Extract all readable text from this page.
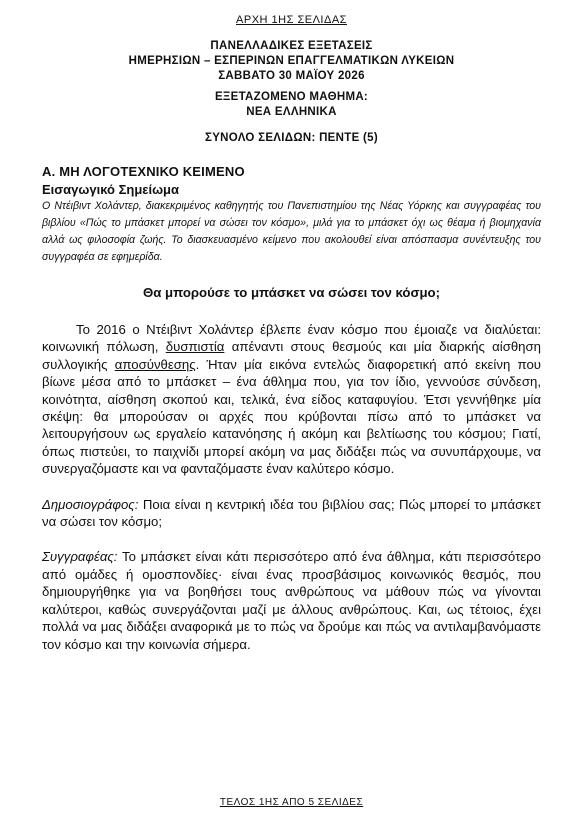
ΑΡΧΗ 1ΗΣ ΣΕΛΙΔΑΣ
ΠΑΝΕΛΛΑΔΙΚΕΣ ΕΞΕΤΑΣΕΙΣ
ΗΜΕΡΗΣΙΩΝ – ΕΣΠΕΡΙΝΩΝ ΕΠΑΓΓΕΛΜΑΤΙΚΩΝ ΛΥΚΕΙΩΝ
ΣΑΒΒΑΤΟ 30 ΜΑΪΟΥ 2026
ΕΞΕΤΑΖΟΜΕΝΟ ΜΑΘΗΜΑ:
ΝΕΑ ΕΛΛΗΝΙΚΑ
ΣΥΝΟΛΟ ΣΕΛΙΔΩΝ: ΠΕΝΤΕ (5)
Α. ΜΗ ΛΟΓΟΤΕΧΝΙΚΟ ΚΕΙΜΕΝΟ
Εισαγωγικό Σημείωμα
Ο Ντέιβιντ Χολάντερ, διακεκριμένος καθηγητής του Πανεπιστημίου της Νέας Υόρκης και συγγραφέας του βιβλίου «Πώς το μπάσκετ μπορεί να σώσει τον κόσμο», μιλά για το μπάσκετ όχι ως θέαμα ή βιομηχανία αλλά ως φιλοσοφία ζωής. Το διασκευασμένο κείμενο που ακολουθεί είναι απόσπασμα συνέντευξης του συγγραφέα σε εφημερίδα.
Θα μπορούσε το μπάσκετ να σώσει τον κόσμο;

Το 2016 ο Ντέιβιντ Χολάντερ έβλεπε έναν κόσμο που έμοιαζε να διαλύεται: κοινωνική πόλωση, δυσπιστία απέναντι στους θεσμούς και μία διαρκής αίσθηση συλλογικής αποσύνθεσης. Ήταν μία εικόνα εντελώς διαφορετική από εκείνη που βίωνε μέσα από το μπάσκετ – ένα άθλημα που, για τον ίδιο, γεννούσε σύνδεση, κοινότητα, αίσθηση σκοπού και, τελικά, ένα είδος καταφυγίου. Έτσι γεννήθηκε μία σκέψη: θα μπορούσαν οι αρχές που κρύβονται πίσω από το μπάσκετ να λειτουργήσουν ως εργαλείο κατανόησης ή ακόμη και βελτίωσης του κόσμου; Γιατί, όπως πιστεύει, το παιχνίδι μπορεί ακόμη να μας διδάξει πώς να συνυπάρχουμε, να συνεργαζόμαστε και να φανταζόμαστε έναν καλύτερο κόσμο.

Δημοσιογράφος: Ποια είναι η κεντρική ιδέα του βιβλίου σας; Πώς μπορεί το μπάσκετ να σώσει τον κόσμο;

Συγγραφέας: Το μπάσκετ είναι κάτι περισσότερο από ένα άθλημα, κάτι περισσότερο από ομάδες ή ομοσπονδίες· είναι ένας προσβάσιμος κοινωνικός θεσμός, που δημιουργήθηκε για να βοηθήσει τους ανθρώπους να μάθουν πώς να γίνονται καλύτεροι, καθώς συνεργάζονται μαζί με άλλους ανθρώπους. Και, ως τέτοιος, έχει πολλά να μας διδάξει αναφορικά με το πώς να δρούμε και πώς να αντιλαμβανόμαστε τον κόσμο και την κοινωνία σήμερα.

ΤΕΛΟΣ 1ΗΣ ΑΠΟ 5 ΣΕΛΙΔΕΣ
